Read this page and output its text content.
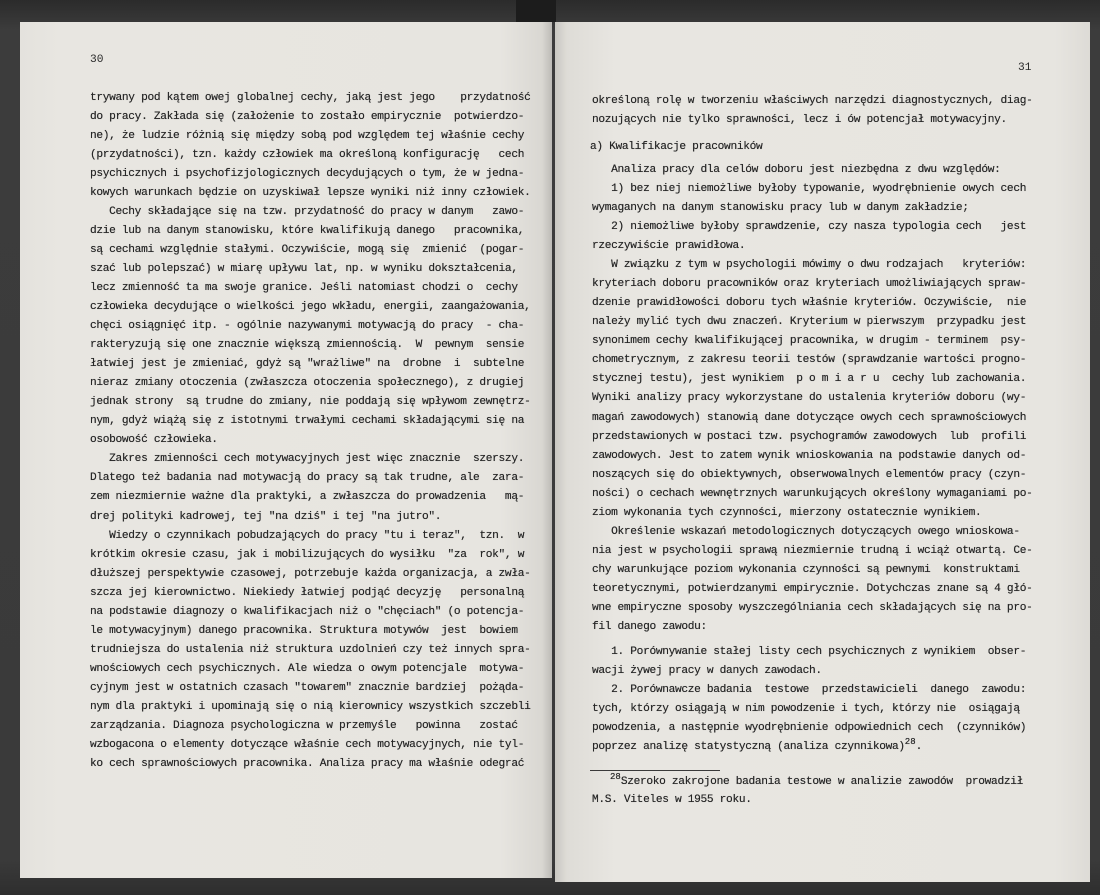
30
trywany pod kątem owej globalnej cechy, jaką jest jego    przydatność
do pracy. Zakłada się (założenie to zostało empirycznie  potwierdzo-
ne), że ludzie różnią się między sobą pod względem tej właśnie cechy
(przydatności), tzn. każdy człowiek ma określoną konfigurację   cech
psychicznych i psychofizjologicznych decydujących o tym, że w jedna-
kowych warunkach będzie on uzyskiwał lepsze wyniki niż inny człowiek.
Cechy składające się na tzw. przydatność do pracy w danym   zawo-
dzie lub na danym stanowisku, które kwalifikują danego   pracownika,
są cechami względnie stałymi. Oczywiście, mogą się  zmienić  (pogar-
szać lub polepszać) w miarę upływu lat, np. w wyniku dokształcenia,
lecz zmienność ta ma swoje granice. Jeśli natomiast chodzi o  cechy
człowieka decydujące o wielkości jego wkładu, energii, zaangażowania,
chęci osiągnięć itp. - ogólnie nazywanymi motywacją do pracy  - cha-
rakteryzują się one znacznie większą zmiennością.  W  pewnym  sensie
łatwiej jest je zmieniać, gdyż są "wrażliwe" na  drobne  i  subtelne
nieraz zmiany otoczenia (zwłaszcza otoczenia społecznego), z drugiej
jednak strony  są trudne do zmiany, nie poddają się wpływom zewnętrz-
nym, gdyż wiążą się z istotnymi trwałymi cechami składającymi się na
osobowość człowieka.
Zakres zmienności cech motywacyjnych jest więc znacznie  szerszy.
Dlatego też badania nad motywacją do pracy są tak trudne, ale  zara-
zem niezmiernie ważne dla praktyki, a zwłaszcza do prowadzenia   mą-
drej polityki kadrowej, tej "na dziś" i tej "na jutro".
Wiedzy o czynnikach pobudzających do pracy "tu i teraz",  tzn.  w
krótkim okresie czasu, jak i mobilizujących do wysiłku  "za  rok", w
dłuższej perspektywie czasowej, potrzebuje każda organizacja, a zwła-
szcza jej kierownictwo. Niekiedy łatwiej podjąć decyzję   personalną
na podstawie diagnozy o kwalifikacjach niż o "chęciach" (o potencja-
le motywacyjnym) danego pracownika. Struktura motywów  jest  bowiem
trudniejsza do ustalenia niż struktura uzdolnień czy też innych spra-
wnościowych cech psychicznych. Ale wiedza o owym potencjale  motywa-
cyjnym jest w ostatnich czasach "towarem" znacznie bardziej  pożąda-
nym dla praktyki i upominają się o nią kierownicy wszystkich szczebli
zarządzania. Diagnoza psychologiczna w przemyśle   powinna   zostać
wzbogacona o elementy dotyczące właśnie cech motywacyjnych, nie tyl-
ko cech sprawnościowych pracownika. Analiza pracy ma właśnie odegrać
31
określoną rolę w tworzeniu właściwych narzędzi diagnostycznych, diag-
nozujących nie tylko sprawności, lecz i ów potencjał motywacyjny.
a) Kwalifikacje pracowników
Analiza pracy dla celów doboru jest niezbędna z dwu względów:
1) bez niej niemożliwe byłoby typowanie, wyodrębnienie owych cech
wymaganych na danym stanowisku pracy lub w danym zakładzie;
2) niemożliwe byłoby sprawdzenie, czy nasza typologia cech   jest
rzeczywiście prawidłowa.
W związku z tym w psychologii mówimy o dwu rodzajach   kryteriów:
kryteriach doboru pracowników oraz kryteriach umożliwiających spraw-
dzenie prawidłowości doboru tych właśnie kryteriów. Oczywiście,  nie
należy mylić tych dwu znaczeń. Kryterium w pierwszym  przypadku jest
synonimem cechy kwalifikującej pracownika, w drugim - terminem  psy-
chometrycznym, z zakresu teorii testów (sprawdzanie wartości progno-
stycznej testu), jest wynikiem  p o m i a r u  cechy lub zachowania.
Wyniki analizy pracy wykorzystane do ustalenia kryteriów doboru (wy-
magań zawodowych) stanowią dane dotyczące owych cech sprawnościowych
przedstawionych w postaci tzw. psychogramów zawodowych  lub  profili
zawodowych. Jest to zatem wynik wnioskowania na podstawie danych od-
noszących się do obiektywnych, obserwowalnych elementów pracy (czyn-
ności) o cechach wewnętrznych warunkujących określony wymaganiami po-
ziom wykonania tych czynności, mierzony ostatecznie wynikiem.
Określenie wskazań metodologicznych dotyczących owego wnioskowa-
nia jest w psychologii sprawą niezmiernie trudną i wciąż otwartą. Ce-
chy warunkujące poziom wykonania czynności są pewnymi  konstruktami
teoretycznymi, potwierdzanymi empirycznie. Dotychczas znane są 4 głó-
wne empiryczne sposoby wyszczególniania cech składających się na pro-
fil danego zawodu:
1. Porównywanie stałej listy cech psychicznych z wynikiem  obser-
wacji żywej pracy w danych zawodach.
2. Porównawcze badania  testowe  przedstawicieli  danego  zawodu:
tych, którzy osiągają w nim powodzenie i tych, którzy nie  osiągają
powodzenia, a następnie wyodrębnienie odpowiednich cech  (czynników)
poprzez analizę statystyczną (analiza czynnikowa)$^{28}$.
$^{28}$Szeroko zakrojone badania testowe w analizie zawodów  prowadził
M.S. Viteles w 1955 roku.
